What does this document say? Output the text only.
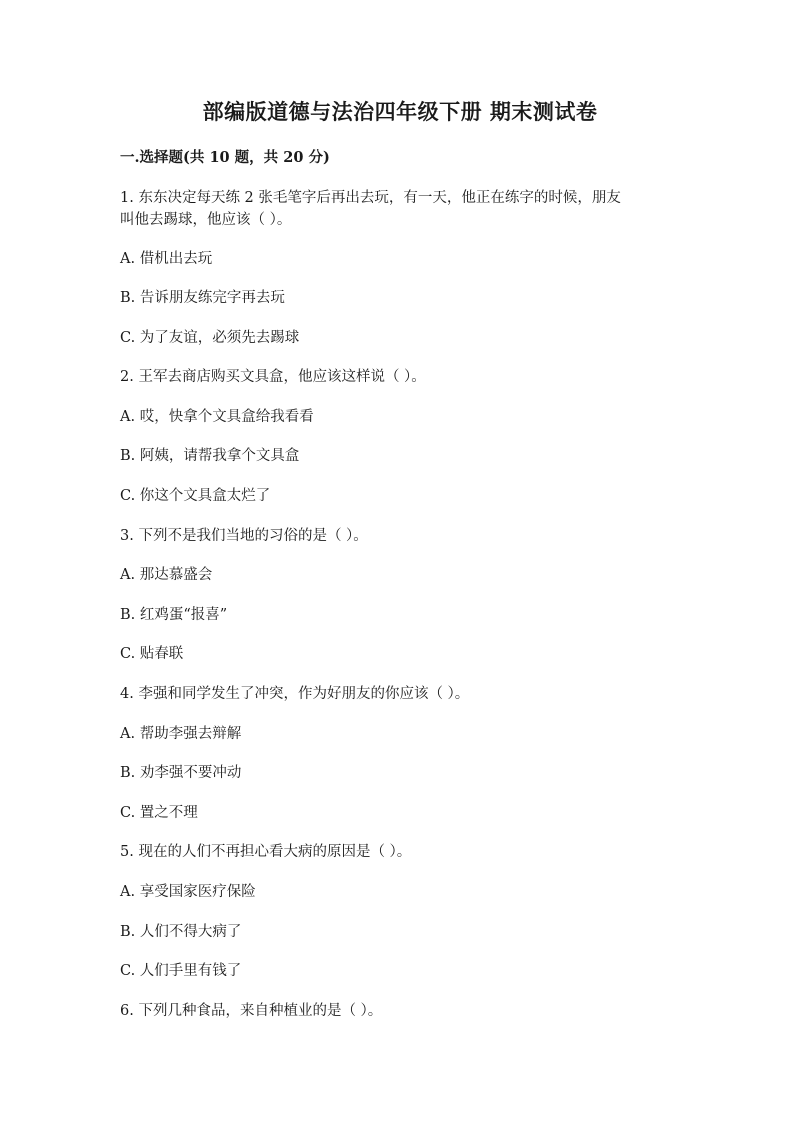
部编版道德与法治四年级下册 期末测试卷
一.选择题(共 10 题，共 20 分)
1. 东东决定每天练 2 张毛笔字后再出去玩，有一天，他正在练字的时候，朋友
叫他去踢球，他应该（ ）。
A. 借机出去玩
B. 告诉朋友练完字再去玩
C. 为了友谊，必须先去踢球
2. 王军去商店购买文具盒，他应该这样说（ ）。
A. 哎，快拿个文具盒给我看看
B. 阿姨，请帮我拿个文具盒
C. 你这个文具盒太烂了
3. 下列不是我们当地的习俗的是（ ）。
A. 那达慕盛会
B. 红鸡蛋“报喜”
C. 贴春联
4. 李强和同学发生了冲突，作为好朋友的你应该（ ）。
A. 帮助李强去辩解
B. 劝李强不要冲动
C. 置之不理
5. 现在的人们不再担心看大病的原因是（ ）。
A. 享受国家医疗保险
B. 人们不得大病了
C. 人们手里有钱了
6. 下列几种食品，来自种植业的是（ ）。
